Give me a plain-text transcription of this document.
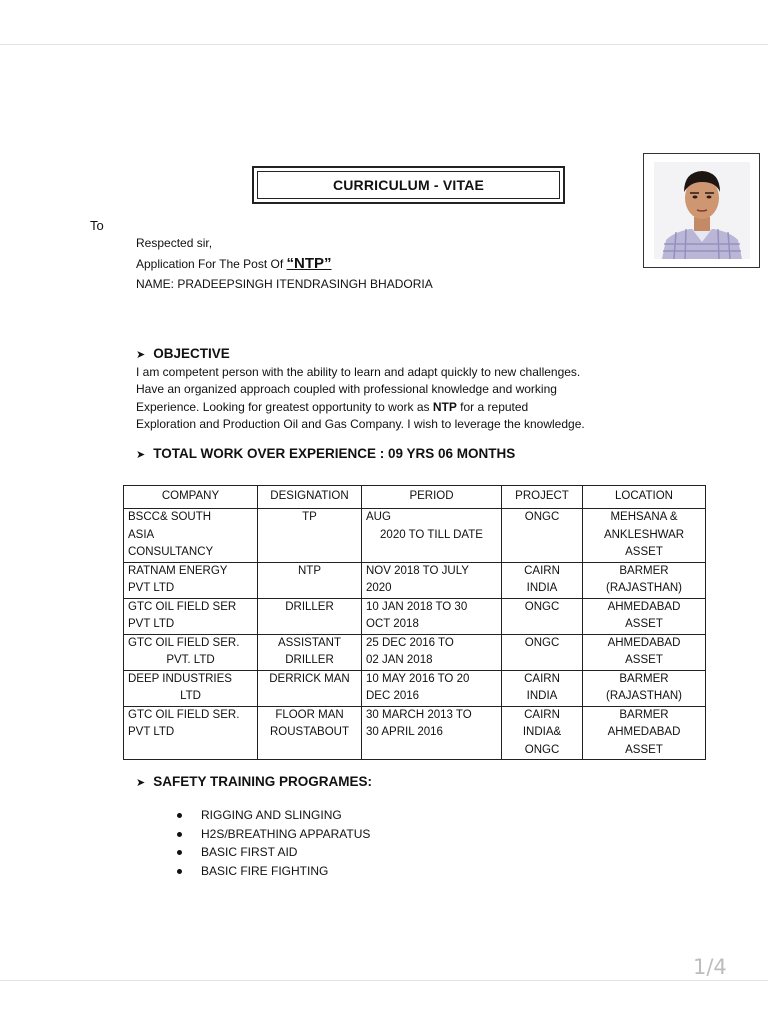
CURRICULUM - VITAE
To
Respected sir,
Application For The Post Of “NTP”
NAME: PRADEEPSINGH ITENDRASINGH BHADORIA
➤ OBJECTIVE
I am competent person with the ability to learn and adapt quickly to new challenges.
Have an organized approach coupled with professional knowledge and working
Experience. Looking for greatest opportunity to work as NTP for a reputed
Exploration and Production Oil and Gas Company. I wish to leverage the knowledge.
➤ TOTAL WORK OVER EXPERIENCE : 09 YRS 06 MONTHS
COMPANY	DESIGNATION	PERIOD	PROJECT	LOCATION

BSCC& SOUTH
ASIA
CONSULTANCY	TP	AUG
2020 TO TILL DATE	ONGC	MEHSANA &
ANKLESHWAR
ASSET

RATNAM ENERGY
PVT LTD	NTP	NOV 2018 TO JULY
2020	CAIRN
INDIA	BARMER
(RAJASTHAN)

GTC OIL FIELD SER
PVT LTD	DRILLER	10 JAN 2018 TO 30
OCT 2018	ONGC	AHMEDABAD
ASSET

GTC OIL FIELD SER.
PVT. LTD	ASSISTANT
DRILLER	25 DEC 2016 TO
02 JAN 2018	ONGC	AHMEDABAD
ASSET

DEEP INDUSTRIES
LTD	DERRICK MAN	10 MAY 2016 TO 20
DEC 2016	CAIRN
INDIA	BARMER
(RAJASTHAN)

GTC OIL FIELD SER.
PVT LTD	FLOOR MAN
ROUSTABOUT	30 MARCH 2013 TO
30 APRIL 2016	CAIRN
INDIA&
ONGC	BARMER
AHMEDABAD
ASSET
➤ SAFETY TRAINING PROGRAMES:
RIGGING AND SLINGING
H2S/BREATHING APPARATUS
BASIC FIRST AID
BASIC FIRE FIGHTING
1/4
